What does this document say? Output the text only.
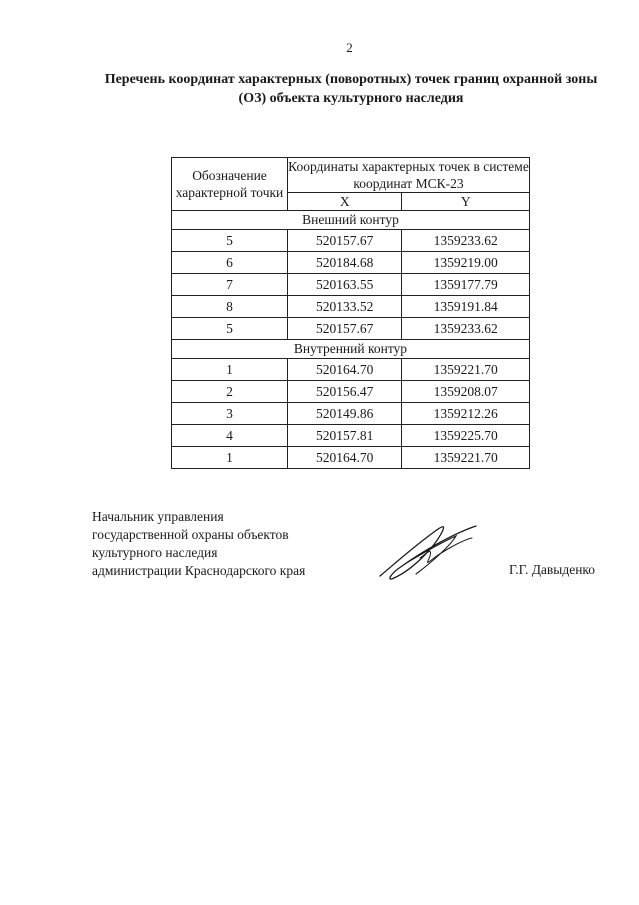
2
Перечень координат характерных (поворотных) точек границ охранной зоны (ОЗ) объекта культурного наследия
Обозначение характерной точки	Координаты характерных точек в системе координат МСК-23	
	X	Y
Внешний контур		
5	520157.67	1359233.62
6	520184.68	1359219.00
7	520163.55	1359177.79
8	520133.52	1359191.84
5	520157.67	1359233.62
Внутренний контур		
1	520164.70	1359221.70
2	520156.47	1359208.07
3	520149.86	1359212.26
4	520157.81	1359225.70
1	520164.70	1359221.70
Начальник управления
государственной охраны объектов
культурного наследия
администрации Краснодарского края	Г.Г. Давыденко
